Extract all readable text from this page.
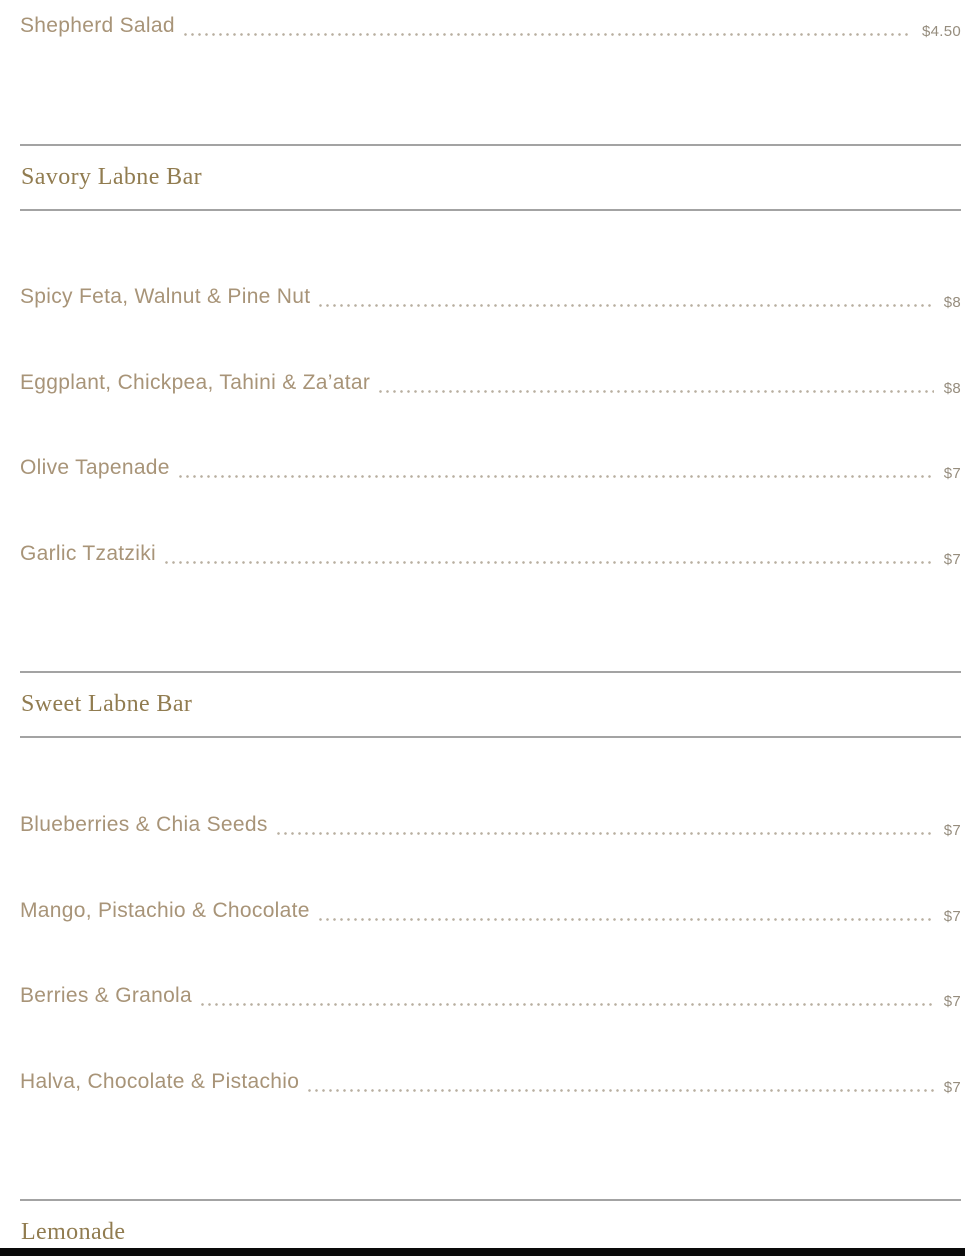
Shepherd Salad	$4.50
Savory Labne Bar
Spicy Feta, Walnut & Pine Nut	$8
Eggplant, Chickpea, Tahini & Za’atar	$8
Olive Tapenade	$7
Garlic Tzatziki	$7
Sweet Labne Bar
Blueberries & Chia Seeds	$7
Mango, Pistachio & Chocolate	$7
Berries & Granola	$7
Halva, Chocolate & Pistachio	$7
Lemonade
